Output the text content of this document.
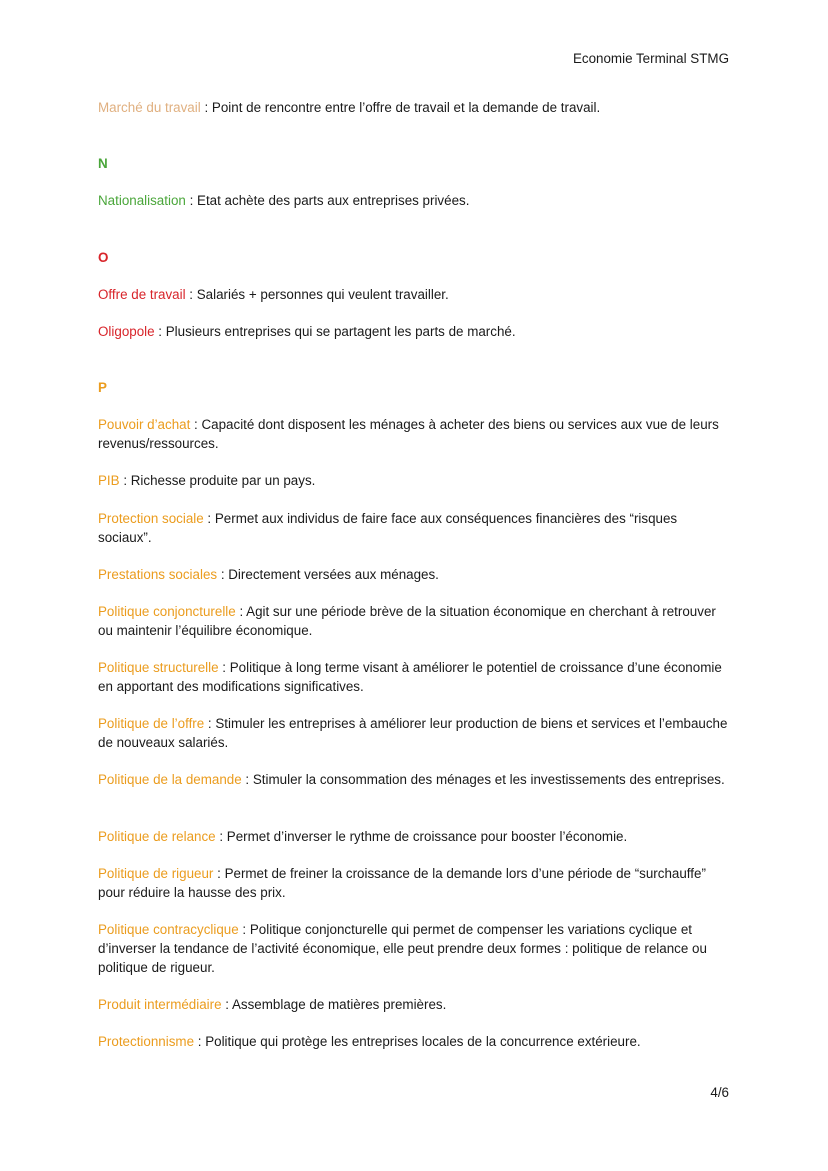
Economie Terminal STMG
Marché du travail : Point de rencontre entre l’offre de travail et la demande de travail.
N
Nationalisation : Etat achète des parts aux entreprises privées.
O
Offre de travail : Salariés + personnes qui veulent travailler.
Oligopole : Plusieurs entreprises qui se partagent les parts de marché.
P
Pouvoir d’achat : Capacité dont disposent les ménages à acheter des biens ou services aux vue de leurs revenus/ressources.
PIB : Richesse produite par un pays.
Protection sociale : Permet aux individus de faire face aux conséquences financières des “risques sociaux”.
Prestations sociales : Directement versées aux ménages.
Politique conjoncturelle : Agit sur une période brève de la situation économique en cherchant à retrouver ou maintenir l’équilibre économique.
Politique structurelle : Politique à long terme visant à améliorer le potentiel de croissance d’une économie en apportant des modifications significatives.
Politique de l’offre : Stimuler les entreprises à améliorer leur production de biens et services et l’embauche de nouveaux salariés.
Politique de la demande : Stimuler la consommation des ménages et les investissements des entreprises.
Politique de relance : Permet d’inverser le rythme de croissance pour booster l’économie.
Politique de rigueur : Permet de freiner la croissance de la demande lors d’une période de “surchauffe” pour réduire la hausse des prix.
Politique contracyclique : Politique conjoncturelle qui permet de compenser les variations cyclique et d’inverser la tendance de l’activité économique, elle peut prendre deux formes : politique de relance ou politique de rigueur.
Produit intermédiaire : Assemblage de matières premières.
Protectionnisme : Politique qui protège les entreprises locales de la concurrence extérieure.
4/6
